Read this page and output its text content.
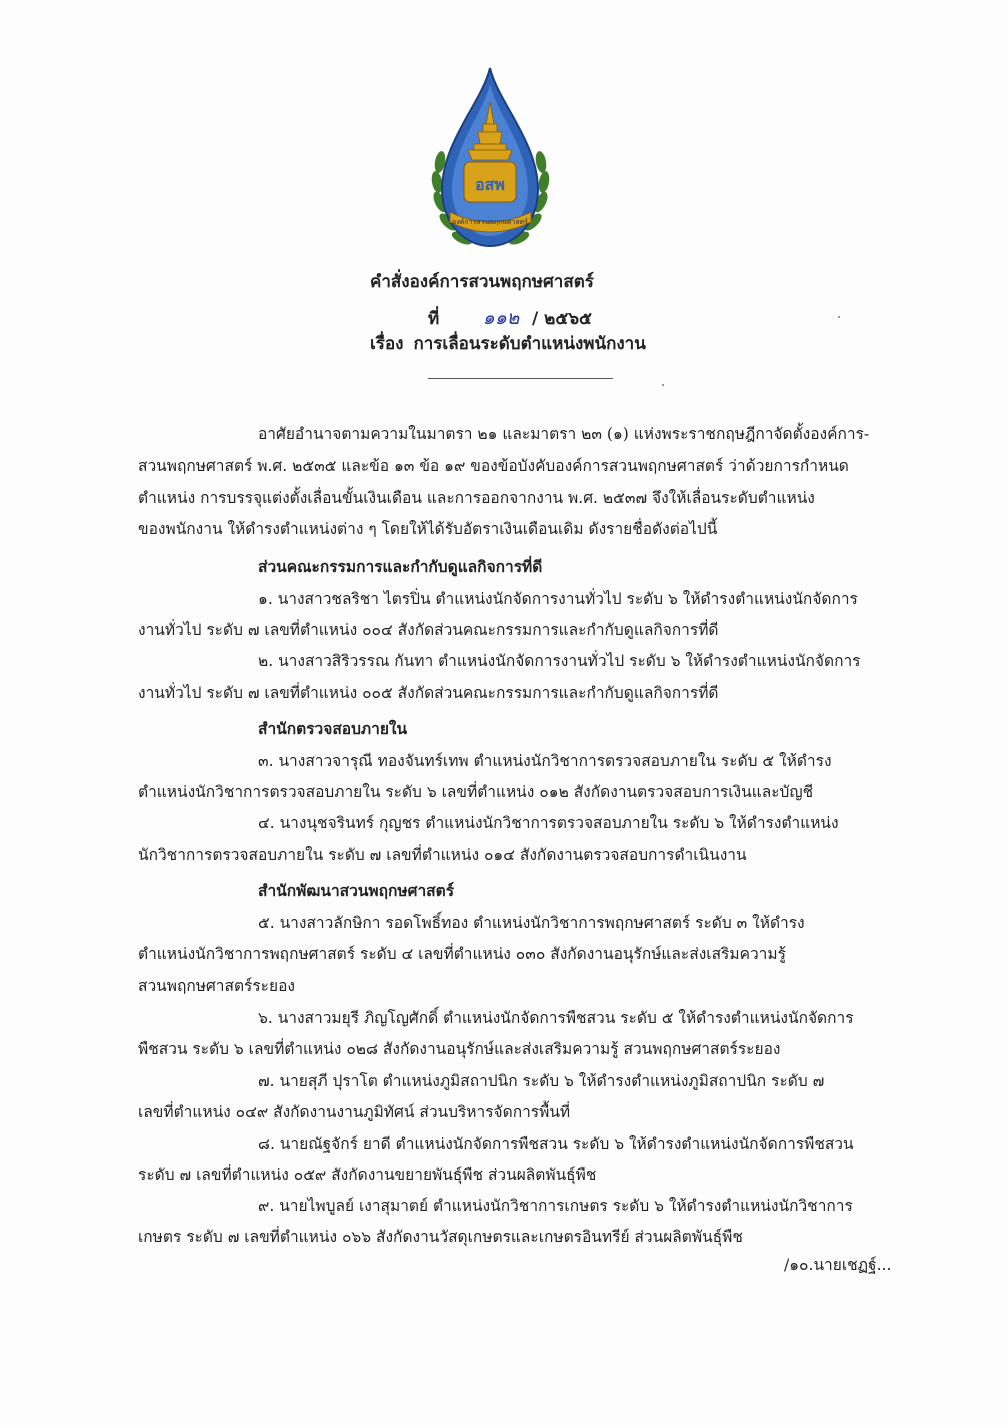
อสพ
องค์การสวนพฤกษศาสตร์
คำสั่งองค์การสวนพฤกษศาสตร์
ที่ ๑๑๒ / ๒๕๖๕
เรื่อง การเลื่อนระดับตำแหน่งพนักงาน
อาศัยอำนาจตามความในมาตรา ๒๑ และมาตรา ๒๓ (๑) แห่งพระราชกฤษฎีกาจัดตั้งองค์การ-
สวนพฤกษศาสตร์ พ.ศ. ๒๕๓๕ และข้อ ๑๓ ข้อ ๑๙ ของข้อบังคับองค์การสวนพฤกษศาสตร์ ว่าด้วยการกำหนด
ตำแหน่ง การบรรจุแต่งตั้งเลื่อนขั้นเงินเดือน และการออกจากงาน พ.ศ. ๒๕๓๗ จึงให้เลื่อนระดับตำแหน่ง
ของพนักงาน ให้ดำรงตำแหน่งต่าง ๆ โดยให้ได้รับอัตราเงินเดือนเดิม ดังรายชื่อดังต่อไปนี้
ส่วนคณะกรรมการและกำกับดูแลกิจการที่ดี
๑. นางสาวชลริชา ไตรปิ่น ตำแหน่งนักจัดการงานทั่วไป ระดับ ๖ ให้ดำรงตำแหน่งนักจัดการ
งานทั่วไป ระดับ ๗ เลขที่ตำแหน่ง ๐๐๔ สังกัดส่วนคณะกรรมการและกำกับดูแลกิจการที่ดี
๒. นางสาวสิริวรรณ กันทา ตำแหน่งนักจัดการงานทั่วไป ระดับ ๖ ให้ดำรงตำแหน่งนักจัดการ
งานทั่วไป ระดับ ๗ เลขที่ตำแหน่ง ๐๐๕ สังกัดส่วนคณะกรรมการและกำกับดูแลกิจการที่ดี
สำนักตรวจสอบภายใน
๓. นางสาวจารุณี ทองจันทร์เทพ ตำแหน่งนักวิชาการตรวจสอบภายใน ระดับ ๕ ให้ดำรง
ตำแหน่งนักวิชาการตรวจสอบภายใน ระดับ ๖ เลขที่ตำแหน่ง ๐๑๒ สังกัดงานตรวจสอบการเงินและบัญชี
๔. นางนุชจรินทร์ กุญชร ตำแหน่งนักวิชาการตรวจสอบภายใน ระดับ ๖ ให้ดำรงตำแหน่ง
นักวิชาการตรวจสอบภายใน ระดับ ๗ เลขที่ตำแหน่ง ๐๑๔ สังกัดงานตรวจสอบการดำเนินงาน
สำนักพัฒนาสวนพฤกษศาสตร์
๕. นางสาวลักษิกา รอดโพธิ์ทอง ตำแหน่งนักวิชาการพฤกษศาสตร์ ระดับ ๓ ให้ดำรง
ตำแหน่งนักวิชาการพฤกษศาสตร์ ระดับ ๔ เลขที่ตำแหน่ง ๐๓๐ สังกัดงานอนุรักษ์และส่งเสริมความรู้
สวนพฤกษศาสตร์ระยอง
๖. นางสาวมยุรี ภิญโญศักดิ์ ตำแหน่งนักจัดการพืชสวน ระดับ ๕ ให้ดำรงตำแหน่งนักจัดการ
พืชสวน ระดับ ๖ เลขที่ตำแหน่ง ๐๒๘ สังกัดงานอนุรักษ์และส่งเสริมความรู้ สวนพฤกษศาสตร์ระยอง
๗. นายสุภี ปุราโต ตำแหน่งภูมิสถาปนิก ระดับ ๖ ให้ดำรงตำแหน่งภูมิสถาปนิก ระดับ ๗
เลขที่ตำแหน่ง ๐๔๙ สังกัดงานงานภูมิทัศน์ ส่วนบริหารจัดการพื้นที่
๘. นายณัฐจักร์ ยาดี ตำแหน่งนักจัดการพืชสวน ระดับ ๖ ให้ดำรงตำแหน่งนักจัดการพืชสวน
ระดับ ๗ เลขที่ตำแหน่ง ๐๕๙ สังกัดงานขยายพันธุ์พืช ส่วนผลิตพันธุ์พืช
๙. นายไพบูลย์ เงาสุมาตย์ ตำแหน่งนักวิชาการเกษตร ระดับ ๖ ให้ดำรงตำแหน่งนักวิชาการ
เกษตร ระดับ ๗ เลขที่ตำแหน่ง ๐๖๖ สังกัดงานวัสดุเกษตรและเกษตรอินทรีย์ ส่วนผลิตพันธุ์พืช
/๑๐.นายเชฏฐ์...
